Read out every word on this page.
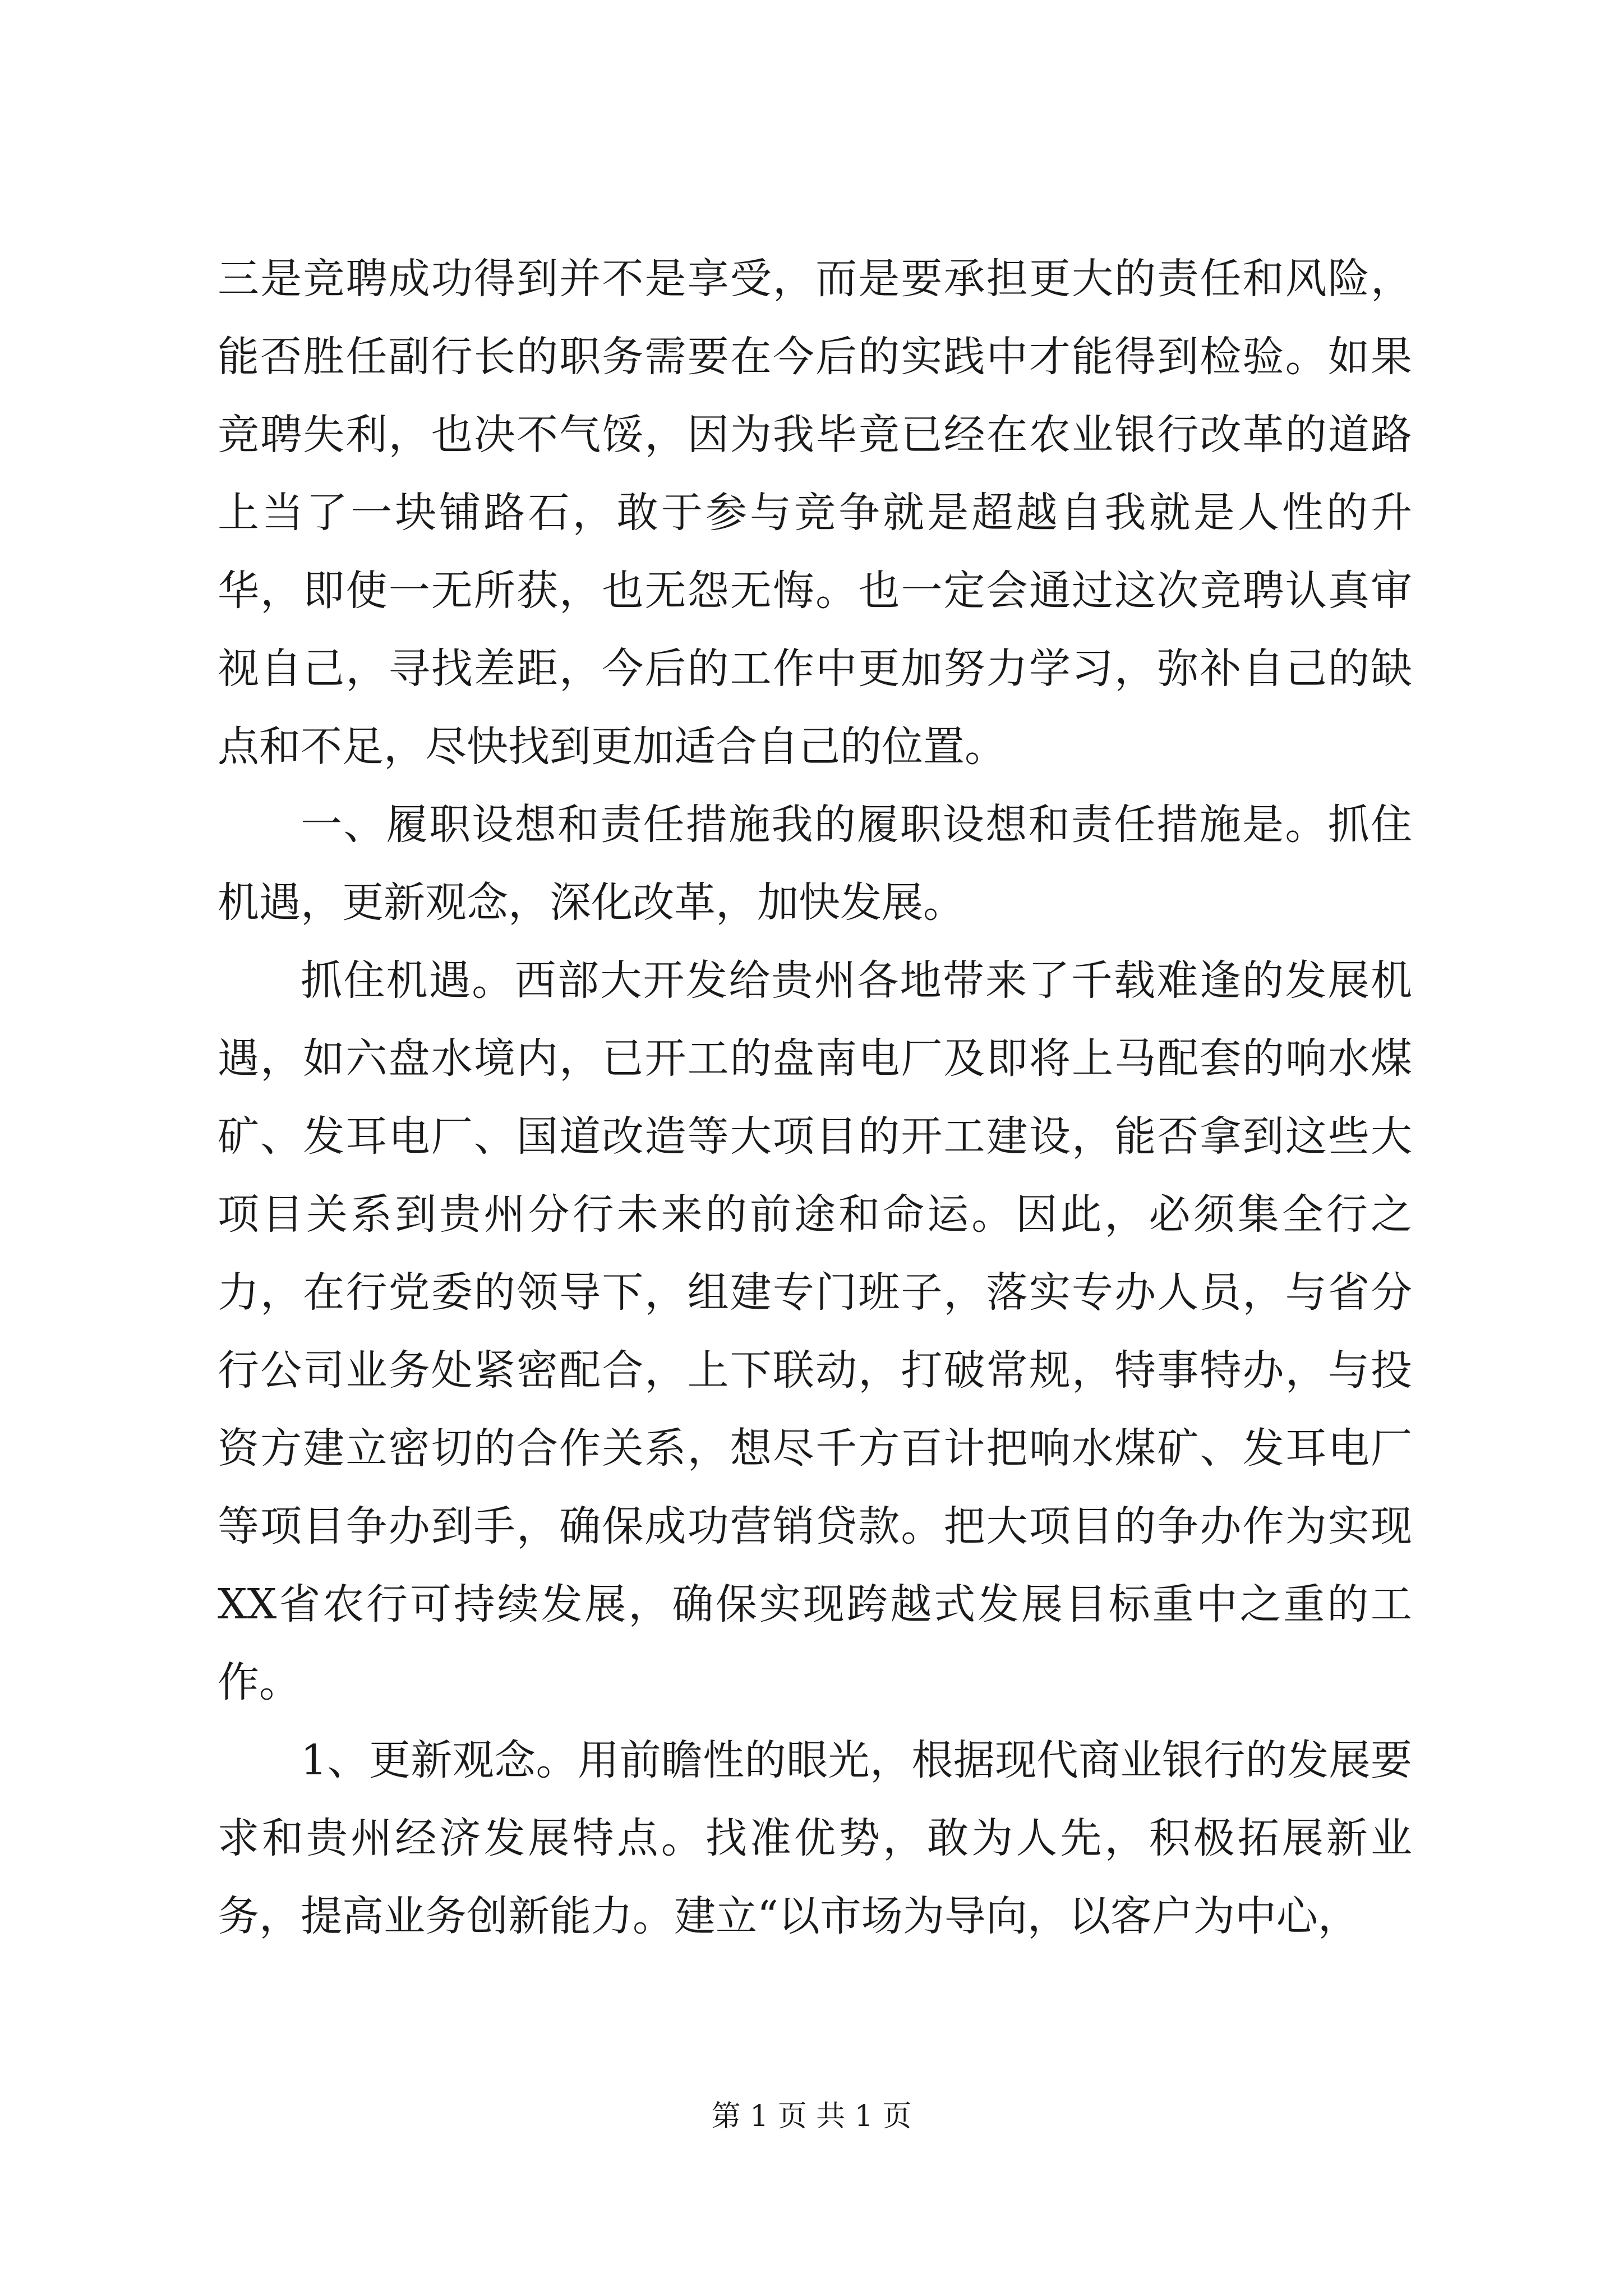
三是竞聘成功得到并不是享受，而是要承担更大的责任和风险，能否胜任副行长的职务需要在今后的实践中才能得到检验。如果竞聘失利，也决不气馁，因为我毕竟已经在农业银行改革的道路上当了一块铺路石，敢于参与竞争就是超越自我就是人性的升华，即使一无所获，也无怨无悔。也一定会通过这次竞聘认真审视自己，寻找差距，今后的工作中更加努力学习，弥补自己的缺点和不足，尽快找到更加适合自己的位置。

一、履职设想和责任措施我的履职设想和责任措施是。抓住机遇，更新观念，深化改革，加快发展。

抓住机遇。西部大开发给贵州各地带来了千载难逢的发展机遇，如六盘水境内，已开工的盘南电厂及即将上马配套的响水煤矿、发耳电厂、国道改造等大项目的开工建设，能否拿到这些大项目关系到贵州分行未来的前途和命运。因此，必须集全行之力，在行党委的领导下，组建专门班子，落实专办人员，与省分行公司业务处紧密配合，上下联动，打破常规，特事特办，与投资方建立密切的合作关系，想尽千方百计把响水煤矿、发耳电厂等项目争办到手，确保成功营销贷款。把大项目的争办作为实现XX省农行可持续发展，确保实现跨越式发展目标重中之重的工作。

1、更新观念。用前瞻性的眼光，根据现代商业银行的发展要求和贵州经济发展特点。找准优势，敢为人先，积极拓展新业务，提高业务创新能力。建立“以市场为导向，以客户为中心，

第 1 页 共 1 页
